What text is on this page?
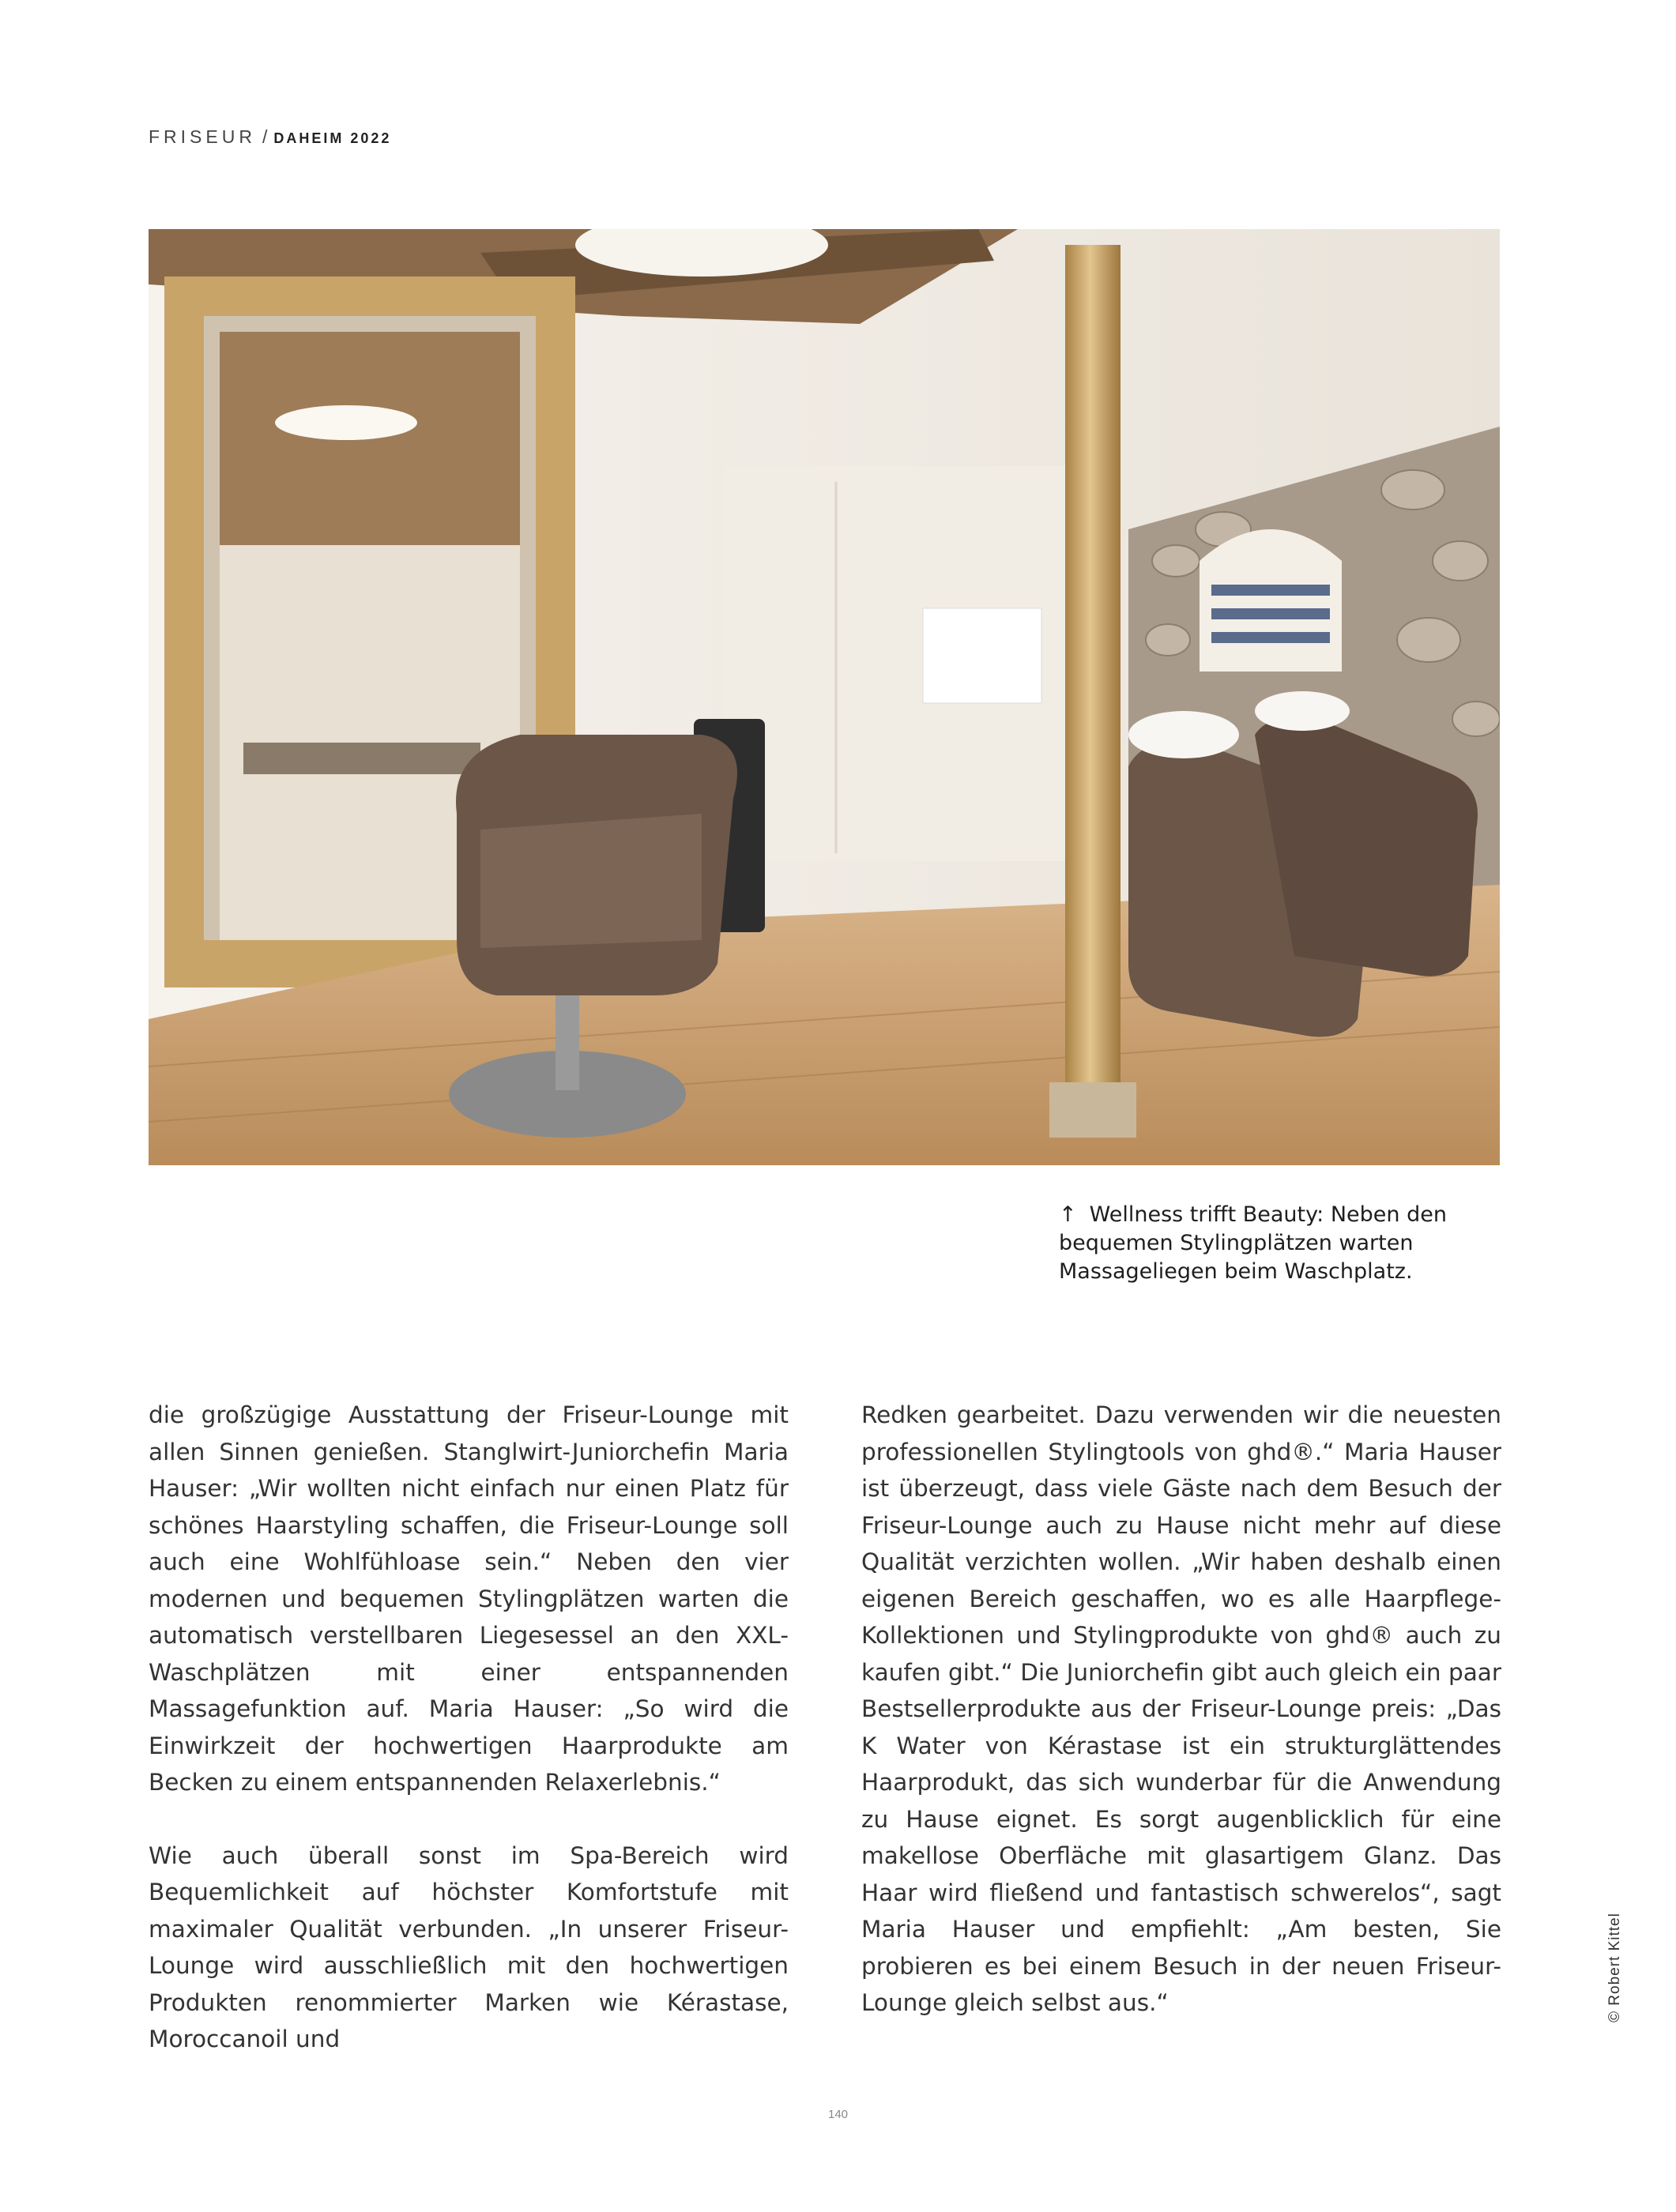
FRISEUR / DAHEIM 2022
↑ Wellness trifft Beauty: Neben den bequemen Stylingplätzen warten Massageliegen beim Waschplatz.

die großzügige Ausstattung der Friseur-Lounge mit allen Sinnen genießen. Stanglwirt-Juniorchefin Maria Hauser: „Wir wollten nicht einfach nur einen Platz für schönes Haarstyling schaffen, die Friseur-Lounge soll auch eine Wohlfühloase sein.“ Neben den vier modernen und bequemen Stylingplätzen warten die automatisch verstellbaren Liegesessel an den XXL-Waschplätzen mit einer entspannenden Massagefunktion auf. Maria Hauser: „So wird die Einwirkzeit der hochwertigen Haarprodukte am Becken zu einem entspannenden Relaxerlebnis.“

Wie auch überall sonst im Spa-Bereich wird Bequemlichkeit auf höchster Komfortstufe mit maximaler Qualität verbunden. „In unserer Friseur-Lounge wird ausschließlich mit den hochwertigen Produkten renommierter Marken wie Kérastase, Moroccanoil und

Redken gearbeitet. Dazu verwenden wir die neuesten professionellen Stylingtools von ghd®.“ Maria Hauser ist überzeugt, dass viele Gäste nach dem Besuch der Friseur-Lounge auch zu Hause nicht mehr auf diese Qualität verzichten wollen. „Wir haben deshalb einen eigenen Bereich geschaffen, wo es alle Haarpflege-Kollektionen und Stylingprodukte von ghd® auch zu kaufen gibt.“ Die Juniorchefin gibt auch gleich ein paar Bestsellerprodukte aus der Friseur-Lounge preis: „Das K Water von Kérastase ist ein strukturglättendes Haarprodukt, das sich wunderbar für die Anwendung zu Hause eignet. Es sorgt augenblicklich für eine makellose Oberfläche mit glasartigem Glanz. Das Haar wird fließend und fantastisch schwerelos“, sagt Maria Hauser und empfiehlt: „Am besten, Sie probieren es bei einem Besuch in der neuen Friseur-Lounge gleich selbst aus.“	© Robert Kittel
140
